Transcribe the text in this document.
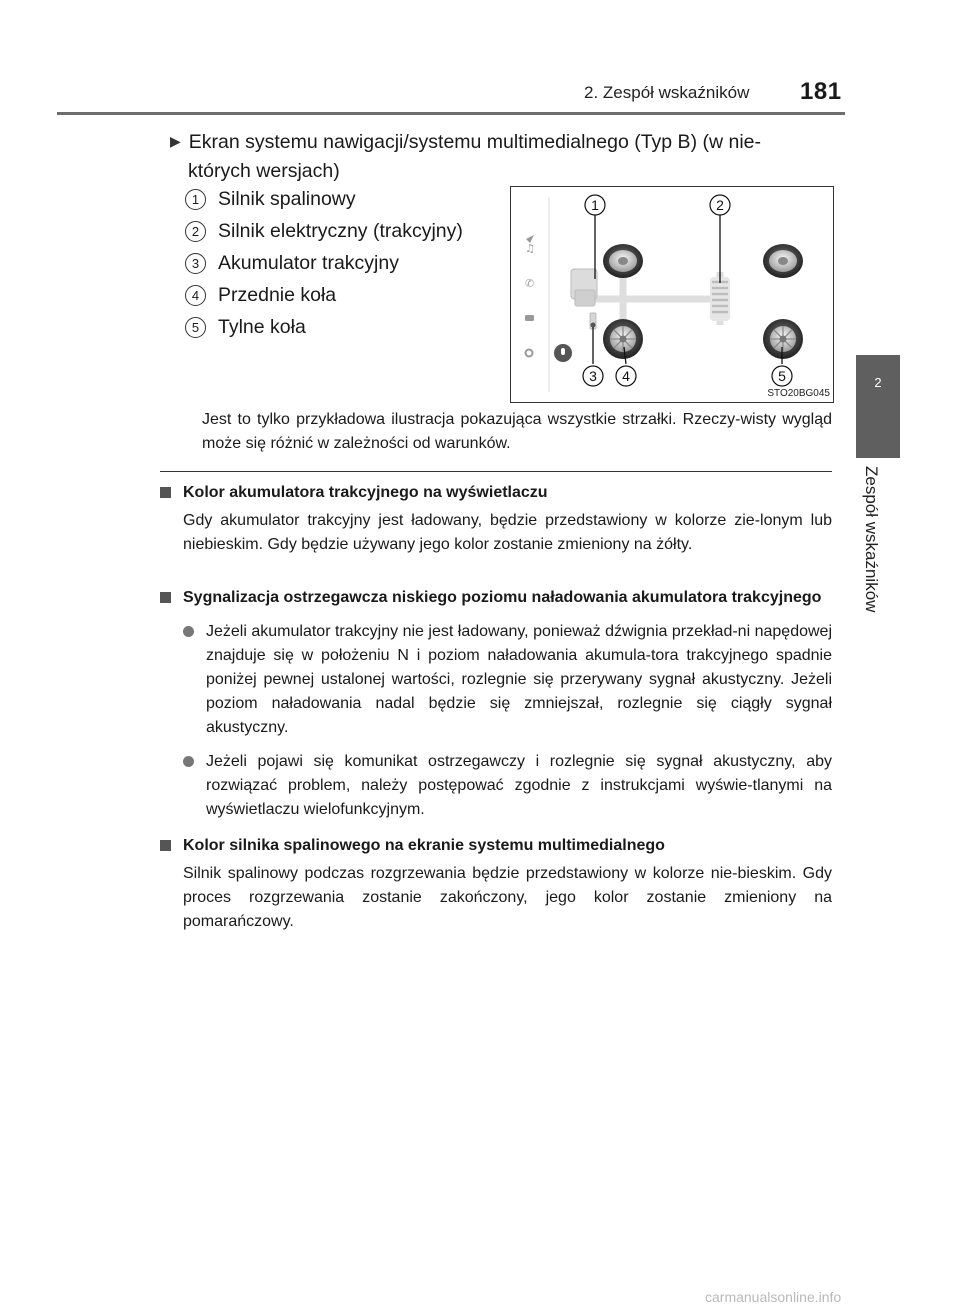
2. Zespół wskaźników 181
2
Zespół wskaźników
▶ Ekran systemu nawigacji/systemu multimedialnego (Typ B) (w nie-
których wersjach)
1 Silnik spalinowy
2 Silnik elektryczny (trakcyjny)
3 Akumulator trakcyjny
4 Przednie koła
5 Tylne koła
♫
✆
1	2
3 4	5
STO20BG045
Jest to tylko przykładowa ilustracja pokazująca wszystkie strzałki. Rzeczy-wisty wygląd może się różnić w zależności od warunków.
Kolor akumulatora trakcyjnego na wyświetlaczu
Gdy akumulator trakcyjny jest ładowany, będzie przedstawiony w kolorze zie-lonym lub niebieskim. Gdy będzie używany jego kolor zostanie zmieniony na żółty.
Sygnalizacja ostrzegawcza niskiego poziomu naładowania akumulatora trakcyjnego
Jeżeli akumulator trakcyjny nie jest ładowany, ponieważ dźwignia przekład-ni napędowej znajduje się w położeniu N i poziom naładowania akumula-tora trakcyjnego spadnie poniżej pewnej ustalonej wartości, rozlegnie się przerywany sygnał akustyczny. Jeżeli poziom naładowania nadal będzie się zmniejszał, rozlegnie się ciągły sygnał akustyczny.
Jeżeli pojawi się komunikat ostrzegawczy i rozlegnie się sygnał akustyczny, aby rozwiązać problem, należy postępować zgodnie z instrukcjami wyświe-tlanymi na wyświetlaczu wielofunkcyjnym.
Kolor silnika spalinowego na ekranie systemu multimedialnego
Silnik spalinowy podczas rozgrzewania będzie przedstawiony w kolorze nie-bieskim. Gdy proces rozgrzewania zostanie zakończony, jego kolor zostanie zmieniony na pomarańczowy.
carmanualsonline.info
